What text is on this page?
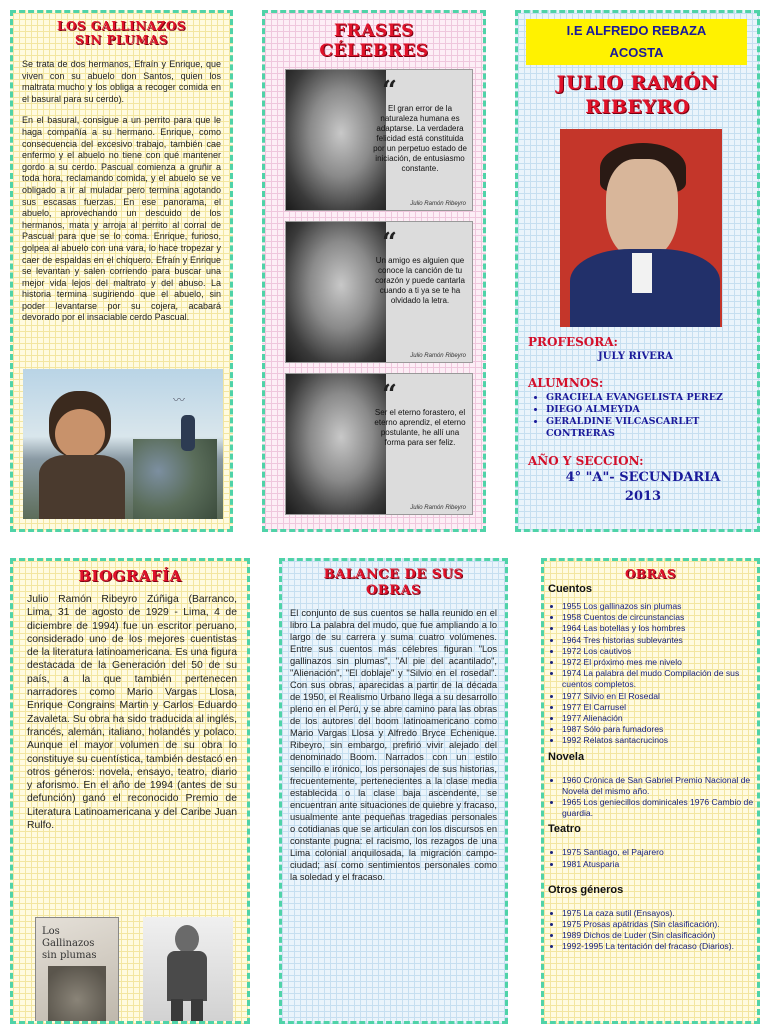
LOS GALLINAZOS SIN PLUMAS

Se trata de dos hermanos, Efraín y Enrique, que viven con su abuelo don Santos, quien los maltrata mucho y los obliga a recoger comida en el basural para su cerdo).

En el basural, consigue a un perrito para que le haga compañía a su hermano. Enrique, como consecuencia del excesivo trabajo, también cae enfermo y el abuelo no tiene con qué mantener gordo a su cerdo. Pascual comienza a gruñir a toda hora, reclamando comida, y el abuelo se ve obligado a ir al muladar pero termina agotando sus escasas fuerzas. En ese panorama, el abuelo, aprovechando un descuido de los hermanos, mata y arroja al perrito al corral de Pascual para que se lo coma. Enrique, furioso, golpea al abuelo con una vara, lo hace tropezar y caer de espaldas en el chiquero. Efraín y Enrique se levantan y salen corriendo para buscar una mejor vida lejos del maltrato y del abuso. La historia termina sugiriendo que el abuelo, sin poder levantarse por su cojera, acabará devorado por el insaciable cerdo Pascual.

〰
FRASES CÉLEBRES
“
El gran error de la naturaleza humana es adaptarse. La verdadera felicidad está constituida por un perpetuo estado de iniciación, de entusiasmo constante.
Julio Ramón Ribeyro
“
Un amigo es alguien que conoce la canción de tu corazón y puede cantarla cuando a ti ya se te ha olvidado la letra.
Julio Ramón Ribeyro
“
Ser el eterno forastero, el eterno aprendiz, el eterno postulante, he allí una forma para ser feliz.
Julio Ramón Ribeyro
I.E ALFREDO REBAZA ACOSTA
JULIO RAMÓN RIBEYRO
PROFESORA:
JULY RIVERA
ALUMNOS:
• GRACIELA EVANGELISTA PEREZ
• DIEGO ALMEYDA
• GERALDINE VILCASCARLET CONTRERAS
AÑO Y SECCION:
4° "A"- SECUNDARIA
2013
BIOGRAFÍA

Julio Ramón Ribeyro Zúñiga (Barranco, Lima, 31 de agosto de 1929 - Lima, 4 de diciembre de 1994) fue un escritor peruano, considerado uno de los mejores cuentistas de la literatura latinoamericana. Es una figura destacada de la Generación del 50 de su país, a la que también pertenecen narradores como Mario Vargas Llosa, Enrique Congrains Martin y Carlos Eduardo Zavaleta. Su obra ha sido traducida al inglés, francés, alemán, italiano, holandés y polaco. Aunque el mayor volumen de su obra lo constituye su cuentística, también destacó en otros géneros: novela, ensayo, teatro, diario y aforismo. En el año de 1994 (antes de su defunción) ganó el reconocido Premio de Literatura Latinoamericana y del Caribe Juan Rulfo.

Los Gallinazos sin plumas
BALANCE DE SUS OBRAS

El conjunto de sus cuentos se halla reunido en el libro La palabra del mudo, que fue ampliando a lo largo de su carrera y suma cuatro volúmenes. Entre sus cuentos más célebres figuran "Los gallinazos sin plumas", "Al pie del acantilado", "Alienación", "El doblaje" y "Silvio en el rosedal". Con sus obras, aparecidas a partir de la década de 1950, el Realismo Urbano llega a su desarrollo pleno en el Perú, y se abre camino para las obras de los autores del boom latinoamericano como Mario Vargas Llosa y Alfredo Bryce Echenique. Ribeyro, sin embargo, prefirió vivir alejado del denominado Boom. Narrados con un estilo sencillo e irónico, los personajes de sus historias, frecuentemente, pertenecientes a la clase media establecida o la clase baja ascendente, se encuentran ante situaciones de quiebre y fracaso, usualmente ante pequeñas tragedias personales o cotidianas que se articulan con los discursos en constante pugna: el racismo, los rezagos de una Lima colonial anquilosada, la migración campo-ciudad; así como sentimientos personales como la soledad y el fracaso.

OBRAS
Cuentos
• 1955 Los gallinazos sin plumas
• 1958 Cuentos de circunstancias
• 1964 Las botellas y los hombres
• 1964 Tres historias sublevantes
• 1972 Los cautivos
• 1972 El próximo mes me nivelo
• 1974 La palabra del mudo Compilación de sus cuentos completos.
• 1977 Silvio en El Rosedal
• 1977 El Carrusel
• 1977 Alienación
• 1987 Sólo para fumadores
• 1992 Relatos santacrucinos
Novela
• 1960 Crónica de San Gabriel Premio Nacional de Novela del mismo año.
• 1965 Los geniecillos dominicales 1976 Cambio de guardia.
Teatro
• 1975 Santiago, el Pajarero
• 1981 Atusparia
Otros géneros
• 1975 La caza sutil (Ensayos).
• 1975 Prosas apátridas (Sin clasificación).
• 1989 Dichos de Luder (Sin clasificación)
• 1992-1995 La tentación del fracaso (Diarios).
